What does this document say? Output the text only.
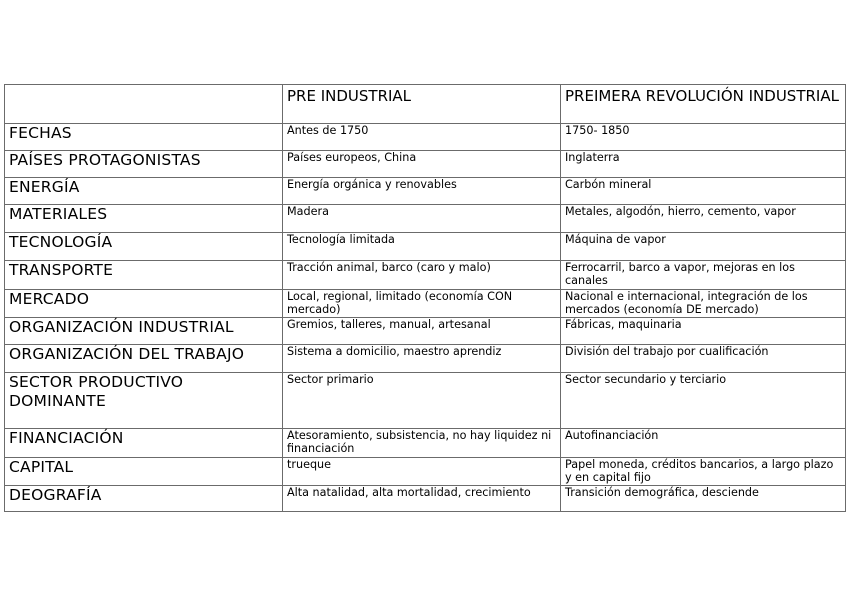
	PRE INDUSTRIAL	PREIMERA REVOLUCIÓN INDUSTRIAL
FECHAS	Antes de 1750	1750- 1850
PAÍSES PROTAGONISTAS	Países europeos, China	Inglaterra
ENERGÍA	Energía orgánica y renovables	Carbón mineral
MATERIALES	Madera	Metales, algodón, hierro, cemento, vapor
TECNOLOGÍA	Tecnología limitada	Máquina de vapor
TRANSPORTE	Tracción animal, barco (caro y malo)	Ferrocarril, barco a vapor, mejoras en los canales
MERCADO	Local, regional, limitado (economía CON mercado)	Nacional e internacional, integración de los mercados (economía DE mercado)
ORGANIZACIÓN INDUSTRIAL	Gremios, talleres, manual, artesanal	Fábricas, maquinaria
ORGANIZACIÓN DEL TRABAJO	Sistema a domicilio, maestro aprendiz	División del trabajo por cualificación
SECTOR PRODUCTIVO DOMINANTE	Sector primario	Sector secundario y terciario
FINANCIACIÓN	Atesoramiento, subsistencia, no hay liquidez ni financiación	Autofinanciación
CAPITAL	trueque	Papel moneda, créditos bancarios, a largo plazo y en capital fijo
DEOGRAFÍA	Alta natalidad, alta mortalidad, crecimiento	Transición demográfica, desciende
